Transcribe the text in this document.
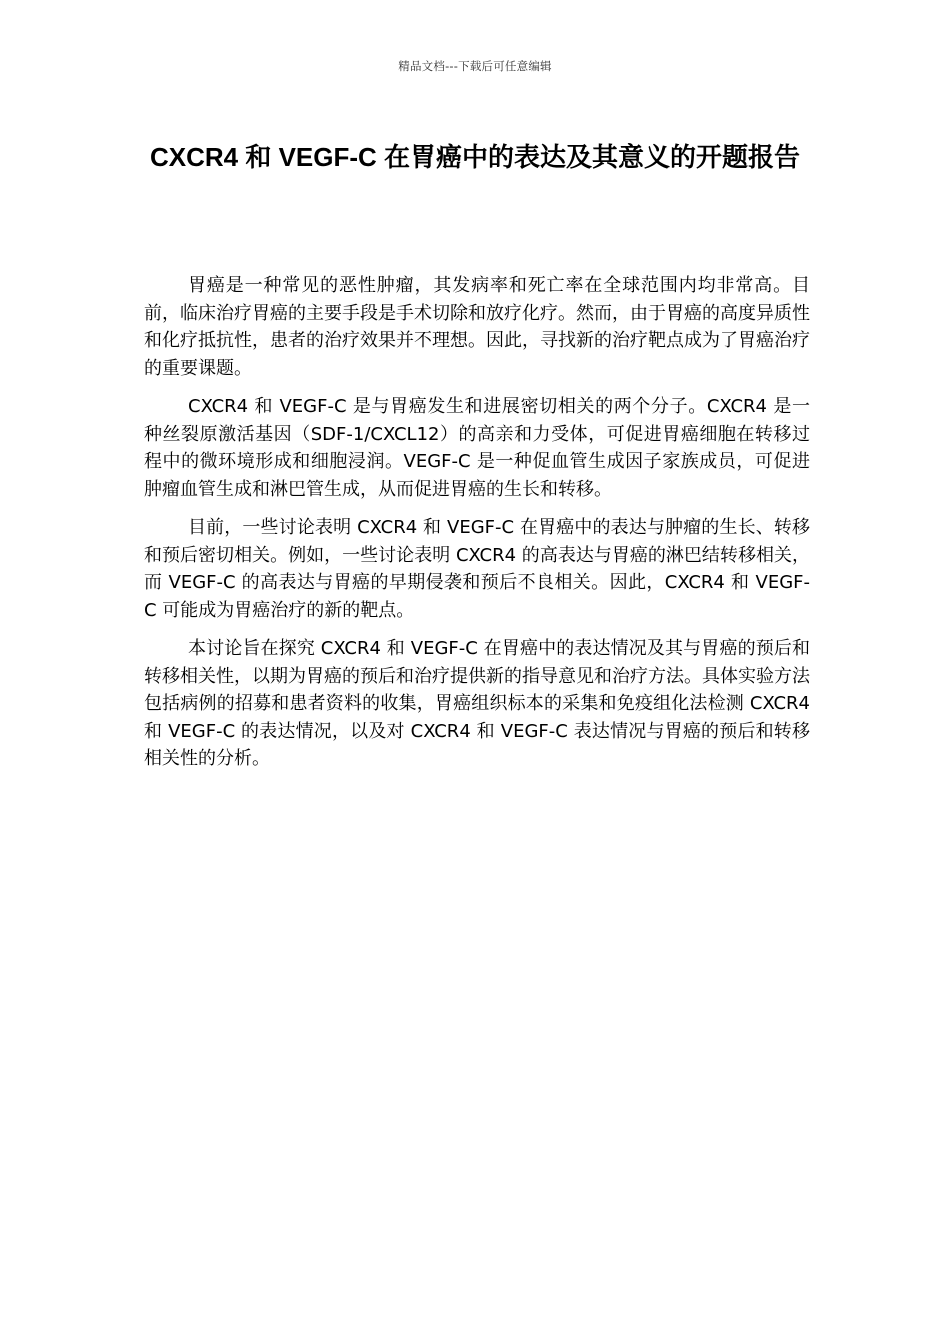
精品文档---下载后可任意编辑
CXCR4 和 VEGF-C 在胃癌中的表达及其意义的开题报告

胃癌是一种常见的恶性肿瘤，其发病率和死亡率在全球范围内均非常高。目前，临床治疗胃癌的主要手段是手术切除和放疗化疗。然而，由于胃癌的高度异质性和化疗抵抗性，患者的治疗效果并不理想。因此，寻找新的治疗靶点成为了胃癌治疗的重要课题。

CXCR4 和 VEGF-C 是与胃癌发生和进展密切相关的两个分子。CXCR4 是一种丝裂原激活基因（SDF-1/CXCL12）的高亲和力受体，可促进胃癌细胞在转移过程中的微环境形成和细胞浸润。VEGF-C 是一种促血管生成因子家族成员，可促进肿瘤血管生成和淋巴管生成，从而促进胃癌的生长和转移。

目前，一些讨论表明 CXCR4 和 VEGF-C 在胃癌中的表达与肿瘤的生长、转移和预后密切相关。例如，一些讨论表明 CXCR4 的高表达与胃癌的淋巴结转移相关，而 VEGF-C 的高表达与胃癌的早期侵袭和预后不良相关。因此，CXCR4 和 VEGF-C 可能成为胃癌治疗的新的靶点。

本讨论旨在探究 CXCR4 和 VEGF-C 在胃癌中的表达情况及其与胃癌的预后和转移相关性，以期为胃癌的预后和治疗提供新的指导意见和治疗方法。具体实验方法包括病例的招募和患者资料的收集，胃癌组织标本的采集和免疫组化法检测 CXCR4 和 VEGF-C 的表达情况，以及对 CXCR4 和 VEGF-C 表达情况与胃癌的预后和转移相关性的分析。
